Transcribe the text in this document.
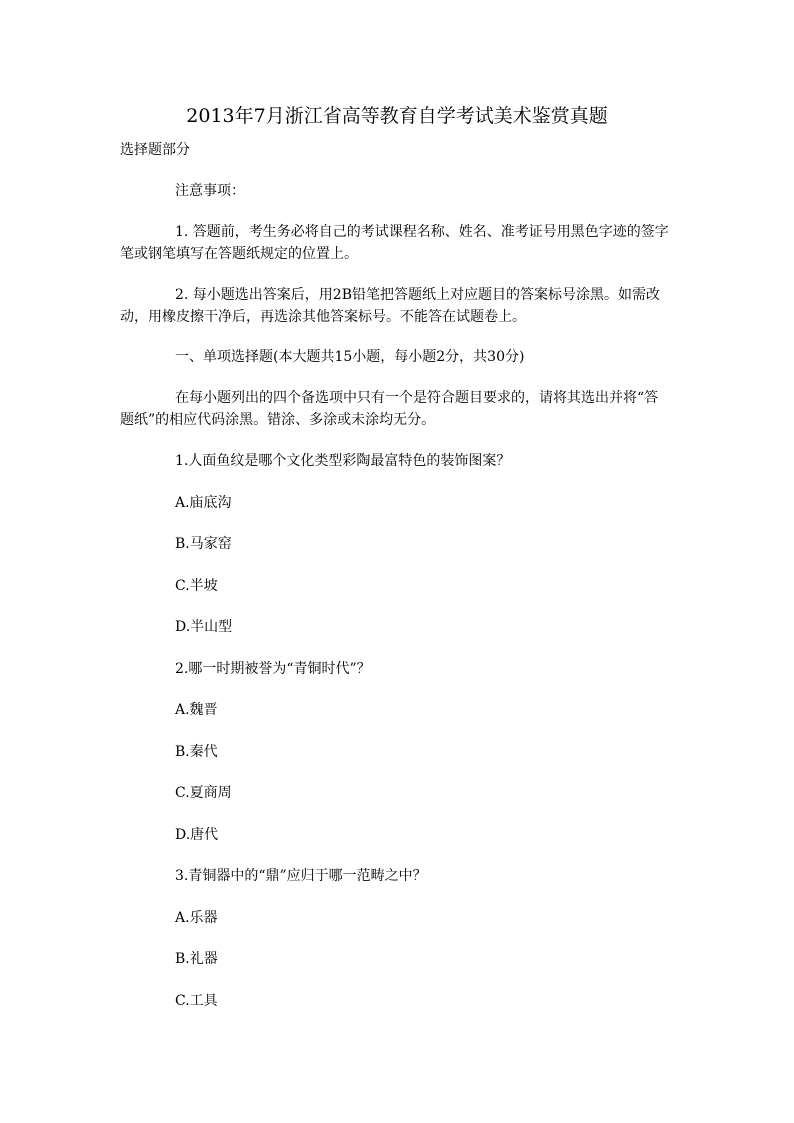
2013年7月浙江省高等教育自学考试美术鉴赏真题
选择题部分
注意事项：
1. 答题前，考生务必将自己的考试课程名称、姓名、准考证号用黑色字迹的签字
笔或钢笔填写在答题纸规定的位置上。
2. 每小题选出答案后，用2B铅笔把答题纸上对应题目的答案标号涂黑。如需改
动，用橡皮擦干净后，再选涂其他答案标号。不能答在试题卷上。
一、单项选择题(本大题共15小题，每小题2分，共30分)
在每小题列出的四个备选项中只有一个是符合题目要求的，请将其选出并将“答
题纸”的相应代码涂黑。错涂、多涂或未涂均无分。
1.人面鱼纹是哪个文化类型彩陶最富特色的装饰图案？
A.庙底沟
B.马家窑
C.半坡
D.半山型
2.哪一时期被誉为“青铜时代”？
A.魏晋
B.秦代
C.夏商周
D.唐代
3.青铜器中的“鼎”应归于哪一范畴之中？
A.乐器
B.礼器
C.工具
